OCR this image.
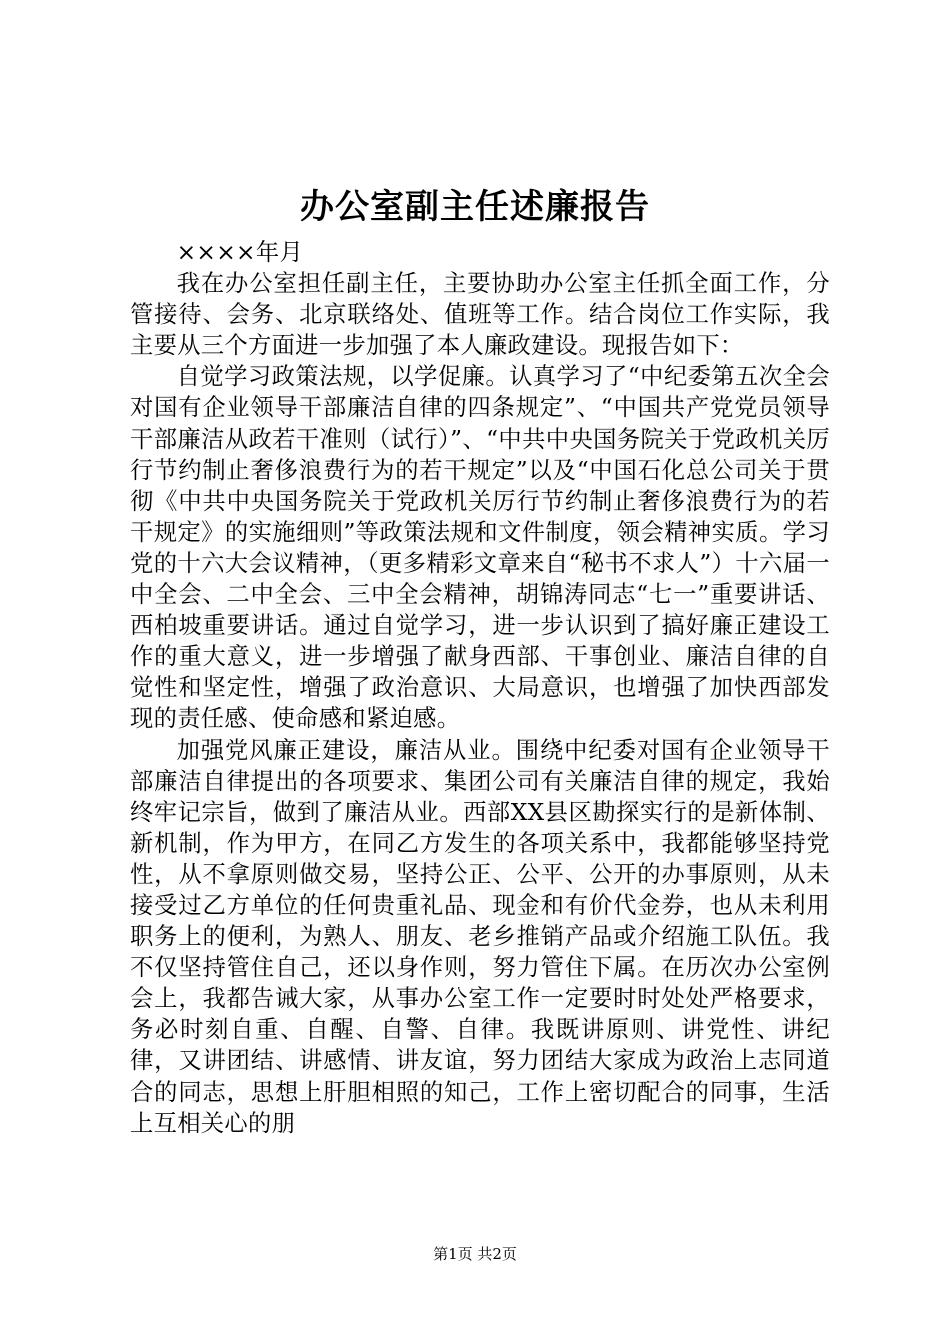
办公室副主任述廉报告

××××年月

我在办公室担任副主任，主要协助办公室主任抓全面工作，分管接待、会务、北京联络处、值班等工作。结合岗位工作实际，我主要从三个方面进一步加强了本人廉政建设。现报告如下：

自觉学习政策法规，以学促廉。认真学习了“中纪委第五次全会对国有企业领导干部廉洁自律的四条规定”、“中国共产党党员领导干部廉洁从政若干准则（试行）”、“中共中央国务院关于党政机关厉行节约制止奢侈浪费行为的若干规定”以及“中国石化总公司关于贯彻《中共中央国务院关于党政机关厉行节约制止奢侈浪费行为的若干规定》的实施细则”等政策法规和文件制度，领会精神实质。学习党的十六大会议精神，（更多精彩文章来自“秘书不求人”）十六届一中全会、二中全会、三中全会精神，胡锦涛同志“七一”重要讲话、西柏坡重要讲话。通过自觉学习，进一步认识到了搞好廉正建设工作的重大意义，进一步增强了献身西部、干事创业、廉洁自律的自觉性和坚定性，增强了政治意识、大局意识，也增强了加快西部发现的责任感、使命感和紧迫感。

加强党风廉正建设，廉洁从业。围绕中纪委对国有企业领导干部廉洁自律提出的各项要求、集团公司有关廉洁自律的规定，我始终牢记宗旨，做到了廉洁从业。西部XX县区勘探实行的是新体制、新机制，作为甲方，在同乙方发生的各项关系中，我都能够坚持党性，从不拿原则做交易，坚持公正、公平、公开的办事原则，从未接受过乙方单位的任何贵重礼品、现金和有价代金券，也从未利用职务上的便利，为熟人、朋友、老乡推销产品或介绍施工队伍。我不仅坚持管住自己，还以身作则，努力管住下属。在历次办公室例会上，我都告诫大家，从事办公室工作一定要时时处处严格要求，务必时刻自重、自醒、自警、自律。我既讲原则、讲党性、讲纪律，又讲团结、讲感情、讲友谊，努力团结大家成为政治上志同道合的同志，思想上肝胆相照的知己，工作上密切配合的同事，生活上互相关心的朋

第1页 共2页
